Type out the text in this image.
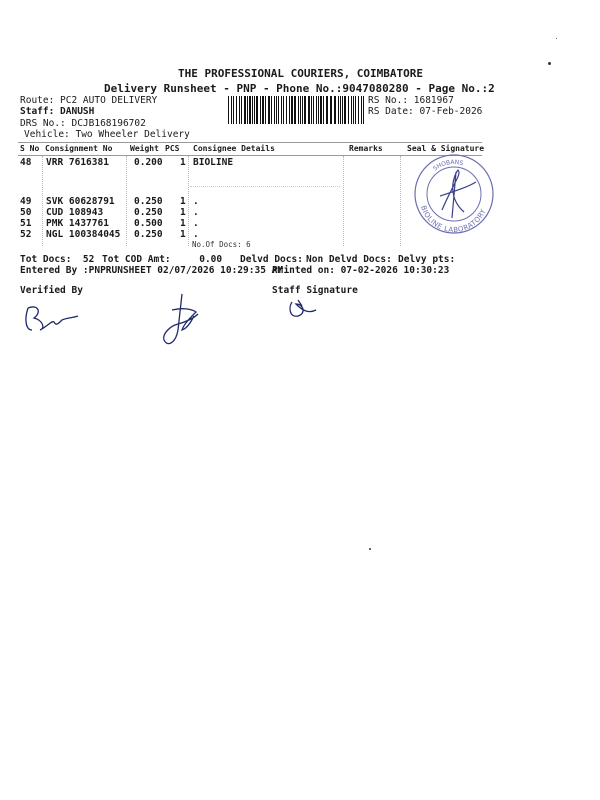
THE PROFESSIONAL COURIERS, COIMBATORE
Delivery Runsheet - PNP - Phone No.:9047080280 - Page No.:2
Route: PC2 AUTO DELIVERY
Staff: DANUSH
DRS No.: DCJB168196702
Vehicle: Two Wheeler Delivery
RS No.: 1681967
RS Date: 07-Feb-2026
S No Consignment No Weight PCS Consignee Details	Remarks	Seal & Signature
48 VRR 7616381	0.200 1 BIOLINE
49 SVK 60628791 0.250 1 .
50 CUD 108943	0.250 1 .
51 PMK 1437761	0.500 1 .
52 NGL 100384045 0.250 1 .
No.Of Docs: 6
SHOBANS
BIOLINE LABORATORY
Tot Docs:  52 Tot COD Amt:     0.00 Delvd Docs: Non Delvd Docs: Delvy pts:
Entered By :PNPRUNSHEET 02/07/2026 10:29:35 AM
Printed on: 07-02-2026 10:30:23
Verified By	Staff Signature
